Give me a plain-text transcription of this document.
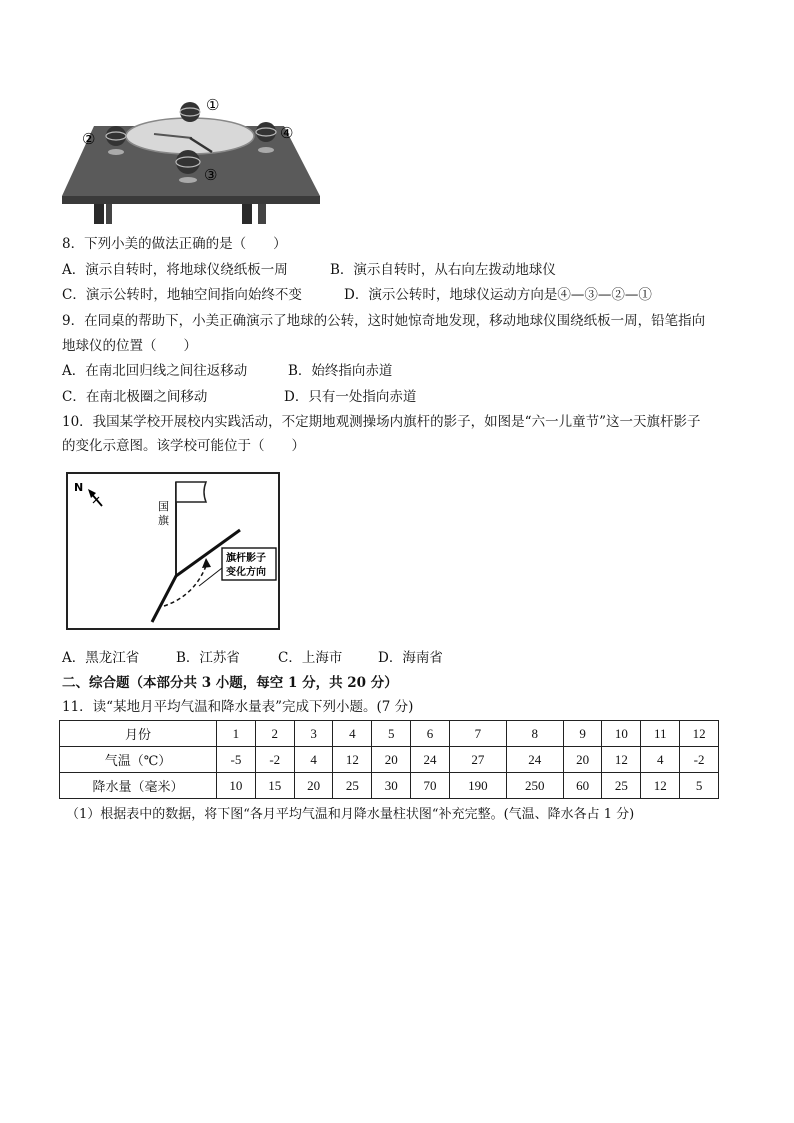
①
②
③
④
8．下列小美的做法正确的是（　　）
A．演示自转时，将地球仪绕纸板一周	B．演示自转时，从右向左拨动地球仪
C．演示公转时，地轴空间指向始终不变	D．演示公转时，地球仪运动方向是④—③—②—①
9．在同桌的帮助下，小美正确演示了地球的公转，这时她惊奇地发现，移动地球仪围绕纸板一周，铅笔指向
地球仪的位置（　　）
A．在南北回归线之间往返移动	B．始终指向赤道
C．在南北极圈之间移动	D．只有一处指向赤道
10．我国某学校开展校内实践活动，不定期地观测操场内旗杆的影子，如图是“六一儿童节”这一天旗杆影子
的变化示意图。该学校可能位于（　　）
N
国
旗
旗杆影子
变化方向
A．黑龙江省	B．江苏省	C．上海市	D．海南省
二、综合题（本部分共 3 小题，每空 1 分，共 20 分）
11．读“某地月平均气温和降水量表”完成下列小题。(7 分)
月份	1	2	3	4	5	6	7	8	9	10	11	12
气温（℃）	-5	-2	4	12	20	24	27	24	20	12	4	-2
降水量（毫米）	10	15	20	25	30	70	190	250	60	25	12	5
（1）根据表中的数据，将下图“各月平均气温和月降水量柱状图“补充完整。(气温、降水各占 1 分)
